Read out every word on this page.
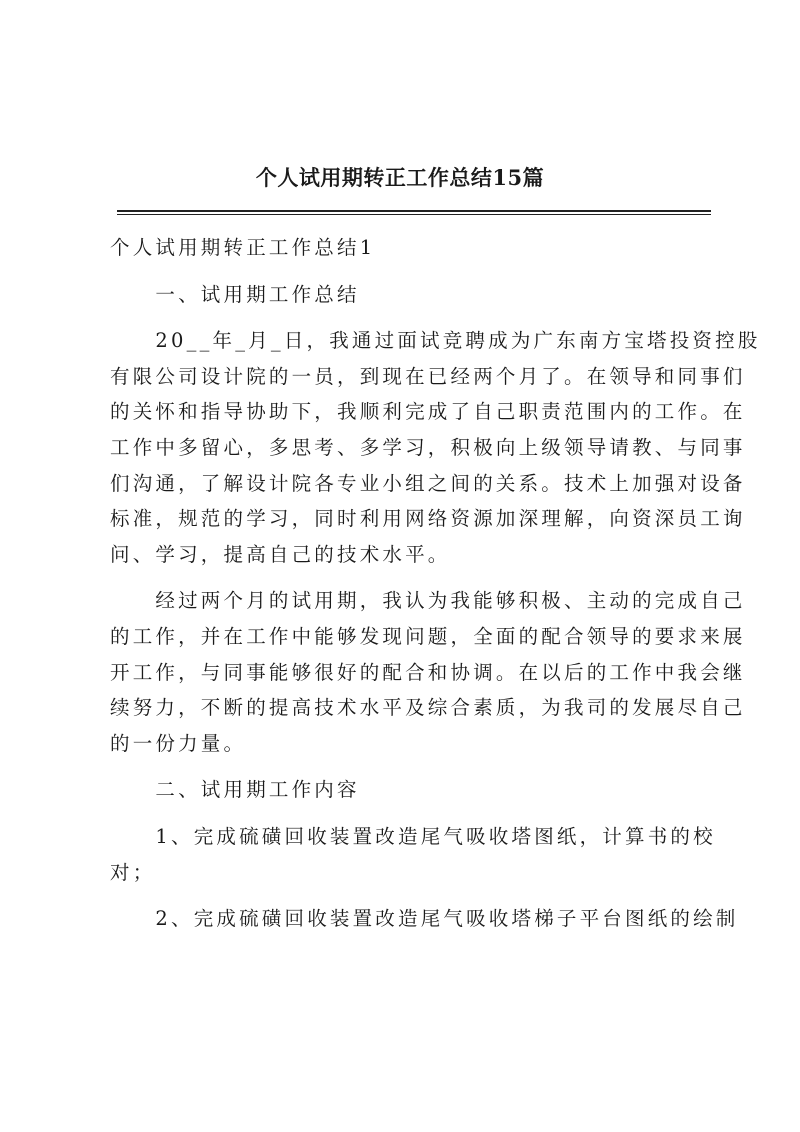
个人试用期转正工作总结15篇

个人试用期转正工作总结1

　　一、试用期工作总结

　　20__年_月_日，我通过面试竞聘成为广东南方宝塔投资控股

有限公司设计院的一员，到现在已经两个月了。在领导和同事们

的关怀和指导协助下，我顺利完成了自己职责范围内的工作。在

工作中多留心，多思考、多学习，积极向上级领导请教、与同事

们沟通，了解设计院各专业小组之间的关系。技术上加强对设备

标准，规范的学习，同时利用网络资源加深理解，向资深员工询

问、学习，提高自己的技术水平。

　　经过两个月的试用期，我认为我能够积极、主动的完成自己

的工作，并在工作中能够发现问题，全面的配合领导的要求来展

开工作，与同事能够很好的配合和协调。在以后的工作中我会继

续努力，不断的提高技术水平及综合素质，为我司的发展尽自己

的一份力量。

　　二、试用期工作内容

　　1、完成硫磺回收装置改造尾气吸收塔图纸，计算书的校

对；

　　2、完成硫磺回收装置改造尾气吸收塔梯子平台图纸的绘制
